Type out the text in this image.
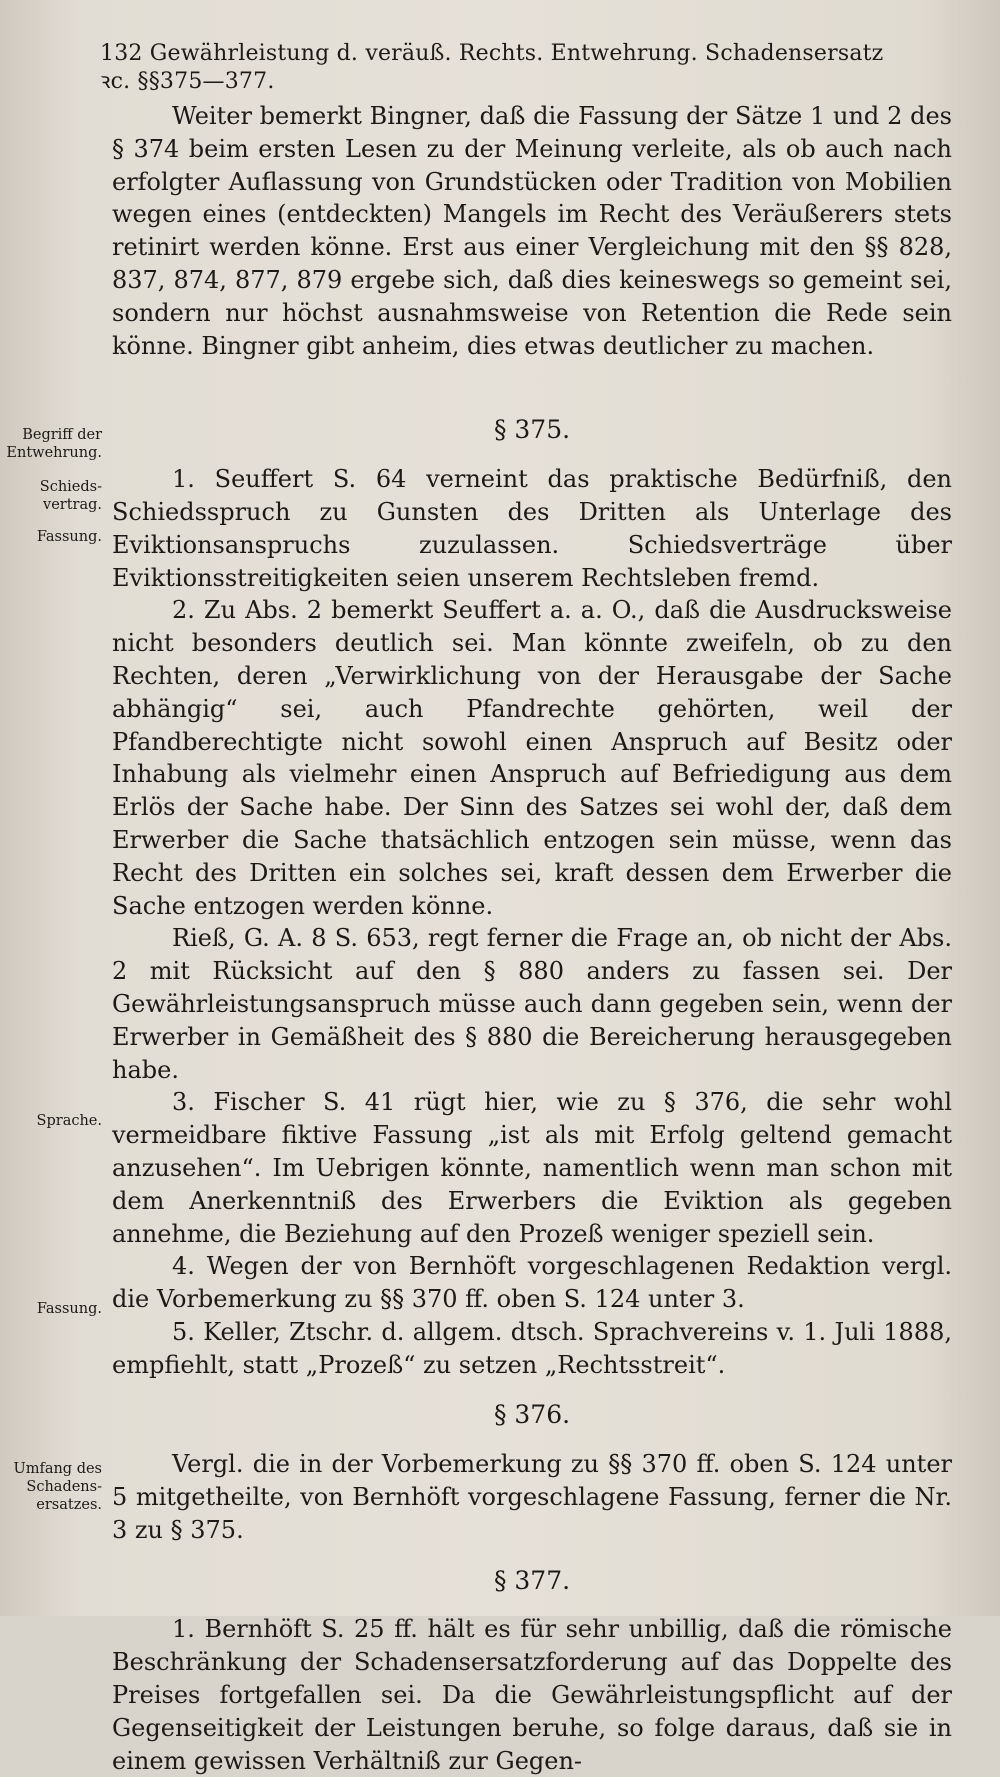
132 Gewährleistung d. veräuß. Rechts. Entwehrung. Schadensersatz ꝛc. §§375—377.
Begriff der Entwehrung.
Schieds-vertrag.
Fassung.
Sprache.
Fassung.
Umfang des Schadens-ersatzes.

Weiter bemerkt Bingner, daß die Fassung der Sätze 1 und 2 des § 374 beim ersten Lesen zu der Meinung verleite, als ob auch nach erfolgter Auflassung von Grundstücken oder Tradition von Mobilien wegen eines (entdeckten) Mangels im Recht des Veräußerers stets retinirt werden könne. Erst aus einer Vergleichung mit den §§ 828, 837, 874, 877, 879 ergebe sich, daß dies keineswegs so gemeint sei, sondern nur höchst ausnahmsweise von Retention die Rede sein könne. Bingner gibt anheim, dies etwas deutlicher zu machen.

§ 375.

1. Seuffert S. 64 verneint das praktische Bedürfniß, den Schiedsspruch zu Gunsten des Dritten als Unterlage des Eviktionsanspruchs zuzulassen. Schiedsverträge über Eviktionsstreitigkeiten seien unserem Rechtsleben fremd.

2. Zu Abs. 2 bemerkt Seuffert a. a. O., daß die Ausdrucksweise nicht besonders deutlich sei. Man könnte zweifeln, ob zu den Rechten, deren „Verwirklichung von der Herausgabe der Sache abhängig“ sei, auch Pfandrechte gehörten, weil der Pfandberechtigte nicht sowohl einen Anspruch auf Besitz oder Inhabung als vielmehr einen Anspruch auf Befriedigung aus dem Erlös der Sache habe. Der Sinn des Satzes sei wohl der, daß dem Erwerber die Sache thatsächlich entzogen sein müsse, wenn das Recht des Dritten ein solches sei, kraft dessen dem Erwerber die Sache entzogen werden könne.

Rieß, G. A. 8 S. 653, regt ferner die Frage an, ob nicht der Abs. 2 mit Rücksicht auf den § 880 anders zu fassen sei. Der Gewährleistungsanspruch müsse auch dann gegeben sein, wenn der Erwerber in Gemäßheit des § 880 die Bereicherung herausgegeben habe.

3. Fischer S. 41 rügt hier, wie zu § 376, die sehr wohl vermeidbare fiktive Fassung „ist als mit Erfolg geltend gemacht anzusehen“. Im Uebrigen könnte, namentlich wenn man schon mit dem Anerkenntniß des Erwerbers die Eviktion als gegeben annehme, die Beziehung auf den Prozeß weniger speziell sein.

4. Wegen der von Bernhöft vorgeschlagenen Redaktion vergl. die Vorbemerkung zu §§ 370 ff. oben S. 124 unter 3.

5. Keller, Ztschr. d. allgem. dtsch. Sprachvereins v. 1. Juli 1888, empfiehlt, statt „Prozeß“ zu setzen „Rechtsstreit“.

§ 376.

Vergl. die in der Vorbemerkung zu §§ 370 ff. oben S. 124 unter 5 mitgetheilte, von Bernhöft vorgeschlagene Fassung, ferner die Nr. 3 zu § 375.

§ 377.

1. Bernhöft S. 25 ff. hält es für sehr unbillig, daß die römische Beschränkung der Schadensersatzforderung auf das Doppelte des Preises fortgefallen sei. Da die Gewährleistungspflicht auf der Gegenseitigkeit der Leistungen beruhe, so folge daraus, daß sie in einem gewissen Verhältniß zur Gegen-
